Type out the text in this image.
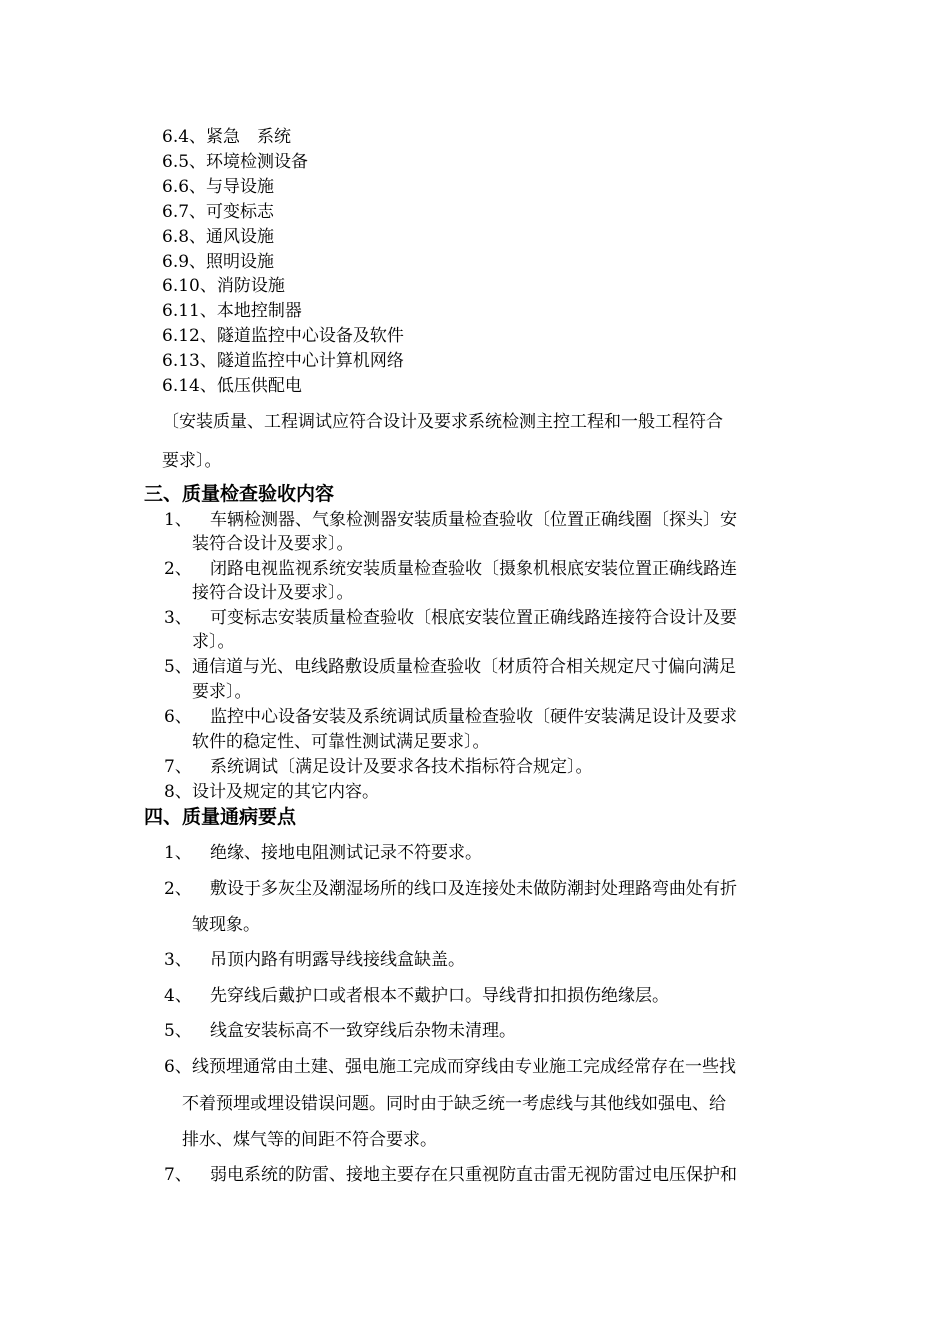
6.4、紧急　系统
6.5、环境检测设备
6.6、与导设施
6.7、可变标志
6.8、通风设施
6.9、照明设施
6.10、消防设施
6.11、本地控制器
6.12、隧道监控中心设备及软件
6.13、隧道监控中心计算机网络
6.14、低压供配电
〔安装质量、工程调试应符合设计及要求系统检测主控工程和一般工程符合
要求〕。
三、质量检查验收内容
1、 车辆检测器、气象检测器安装质量检查验收〔位置正确线圈〔探头〕安
装符合设计及要求〕。
2、 闭路电视监视系统安装质量检查验收〔摄象机根底安装位置正确线路连
接符合设计及要求〕。
3、 可变标志安装质量检查验收〔根底安装位置正确线路连接符合设计及要
求〕。
5、 通信道与光、电线路敷设质量检查验收〔材质符合相关规定尺寸偏向满足
要求〕。
6、 监控中心设备安装及系统调试质量检查验收〔硬件安装满足设计及要求
软件的稳定性、可靠性测试满足要求〕。
7、 系统调试〔满足设计及要求各技术指标符合规定〕。
8、 设计及规定的其它内容。
四、质量通病要点
1、 绝缘、接地电阻测试记录不符要求。
2、 敷设于多灰尘及潮湿场所的线口及连接处未做防潮封处理路弯曲处有折
皱现象。
3、 吊顶内路有明露导线接线盒缺盖。
4、 先穿线后戴护口或者根本不戴护口。导线背扣扣损伤绝缘层。
5、 线盒安装标高不一致穿线后杂物未清理。
6、 线预埋通常由土建、强电施工完成而穿线由专业施工完成经常存在一些找
不着预埋或埋设错误问题。同时由于缺乏统一考虑线与其他线如强电、给
排水、煤气等的间距不符合要求。
7、 弱电系统的防雷、接地主要存在只重视防直击雷无视防雷过电压保护和
